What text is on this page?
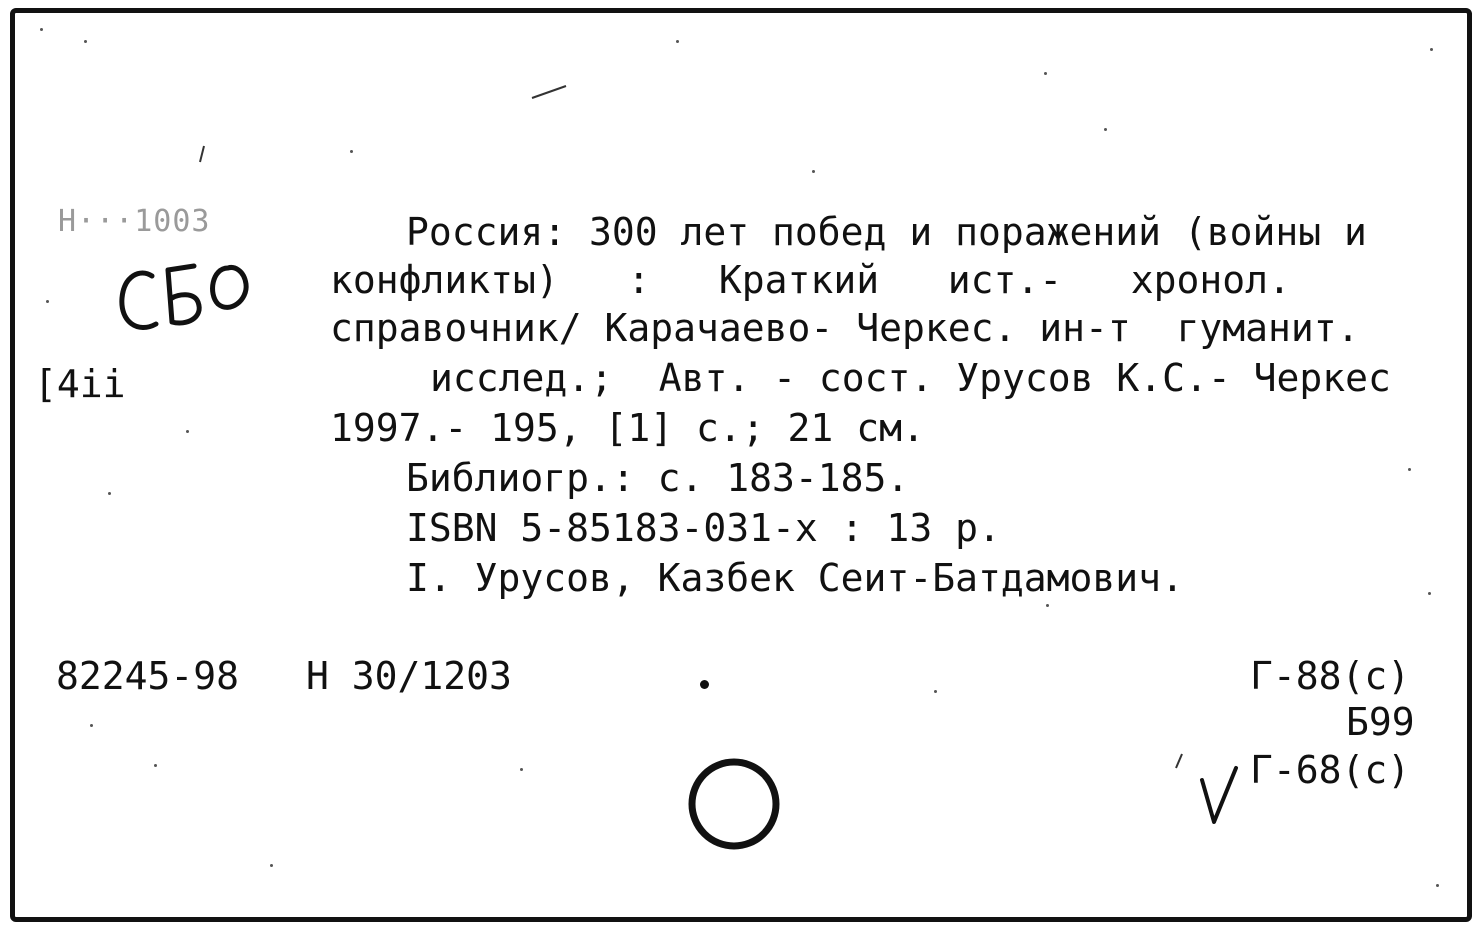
Н···1003
[4ii
Россия: 300 лет побед и поражений (войны и
конфликты)   :   Краткий   ист.-   хронол.
справочник/ Карачаево- Черкес. ин-т  гуманит.
исслед.;  Авт. - сост. Урусов К.С.- Черкес
1997.- 195, [1] с.; 21 см.
Библиогр.: с. 183-185.
ISBN 5-85183-031-x : 13 р.
I. Урусов, Казбек Сеит-Батдамович.
82245-98 Н 30/1203	Г-88(с)
Б99
Г-68(с)
